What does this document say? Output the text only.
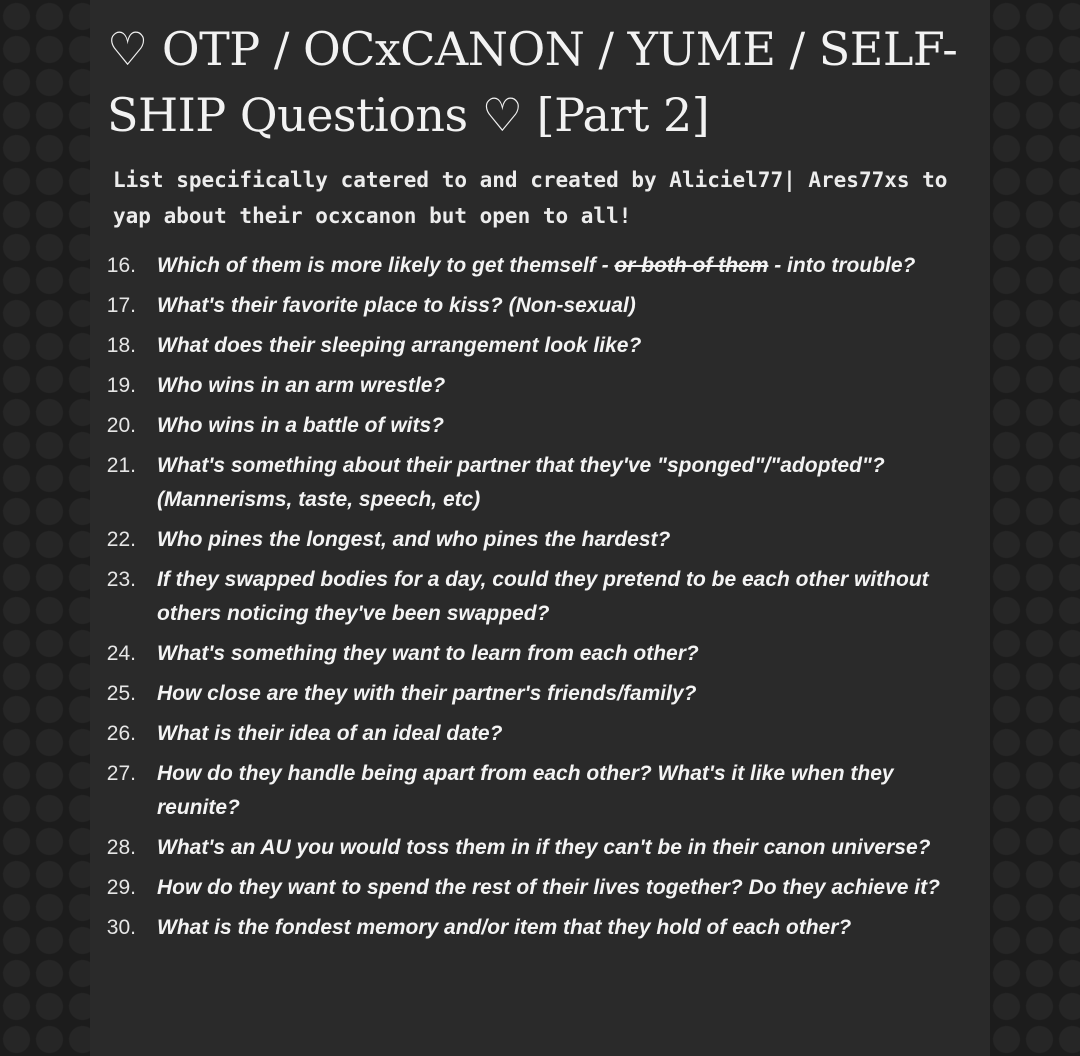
♡ OTP / OCxCANON / YUME / SELF-SHIP Questions ♡ [Part 2]

List specifically catered to and created by Aliciel77| Ares77xs to yap about their ocxcanon but open to all!

16. Which of them is more likely to get themself - or both of them - into trouble?
17. What's their favorite place to kiss? (Non-sexual)
18. What does their sleeping arrangement look like?
19. Who wins in an arm wrestle?
20. Who wins in a battle of wits?
21. What's something about their partner that they've "sponged"/"adopted"? (Mannerisms, taste, speech, etc)
22. Who pines the longest, and who pines the hardest?
23. If they swapped bodies for a day, could they pretend to be each other without others noticing they've been swapped?
24. What's something they want to learn from each other?
25. How close are they with their partner's friends/family?
26. What is their idea of an ideal date?
27. How do they handle being apart from each other? What's it like when they reunite?
28. What's an AU you would toss them in if they can't be in their canon universe?
29. How do they want to spend the rest of their lives together? Do they achieve it?
30. What is the fondest memory and/or item that they hold of each other?
